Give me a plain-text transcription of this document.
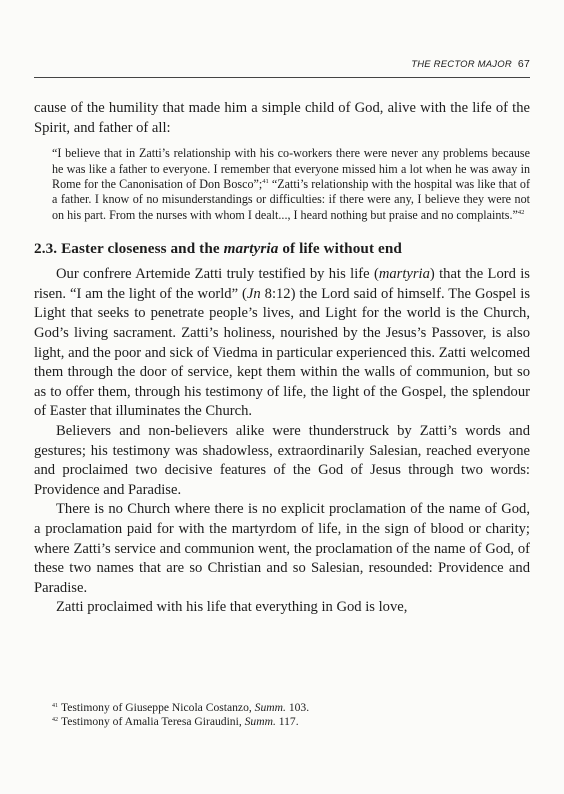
THE RECTOR MAJOR 67

cause of the humility that made him a simple child of God, alive with the life of the Spirit, and father of all:

“I believe that in Zatti’s relationship with his co-workers there were never any problems because he was like a father to everyone. I remember that everyone missed him a lot when he was away in Rome for the Canonisation of Don Bosco”;$^{41}$ “Zatti’s relationship with the hospital was like that of a father. I know of no misunderstandings or difficulties: if there were any, I believe they were not on his part. From the nurses with whom I dealt..., I heard nothing but praise and no complaints.”$^{42}$
2.3. Easter closeness and the martyria of life without end

Our confrere Artemide Zatti truly testified by his life (martyria) that the Lord is risen. “I am the light of the world” (Jn 8:12) the Lord said of himself. The Gospel is Light that seeks to penetrate people’s lives, and Light for the world is the Church, God’s living sacrament. Zatti’s holiness, nourished by the Jesus’s Passover, is also light, and the poor and sick of Viedma in particular experienced this. Zatti welcomed them through the door of service, kept them within the walls of communion, but so as to offer them, through his testimony of life, the light of the Gospel, the splendour of Easter that illuminates the Church.

Believers and non-believers alike were thunderstruck by Zatti’s words and gestures; his testimony was shadowless, extraordinarily Salesian, reached everyone and proclaimed two decisive features of the God of Jesus through two words: Providence and Paradise.

There is no Church where there is no explicit proclamation of the name of God, a proclamation paid for with the martyrdom of life, in the sign of blood or charity; where Zatti’s service and communion went, the proclamation of the name of God, of these two names that are so Christian and so Salesian, resounded: Providence and Paradise.

Zatti proclaimed with his life that everything in God is love,

$^{41}$ Testimony of Giuseppe Nicola Costanzo, Summ. 103.
$^{42}$ Testimony of Amalia Teresa Giraudini, Summ. 117.
